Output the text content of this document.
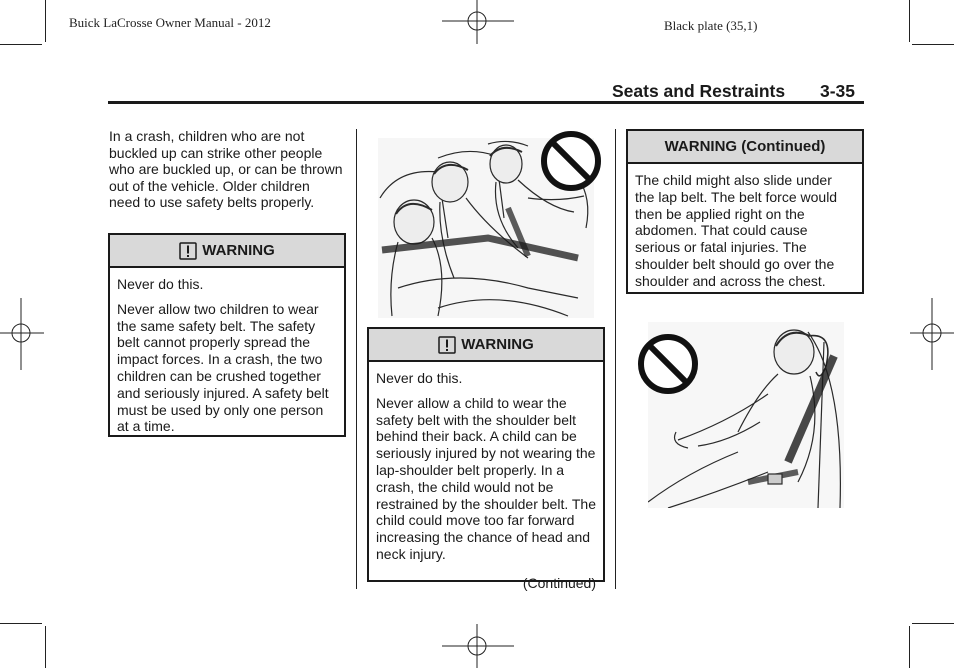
Buick LaCrosse Owner Manual - 2012	Black plate (35,1)
Seats and Restraints 3-35
In a crash, children who are not buckled up can strike other people who are buckled up, or can be thrown out of the vehicle. Older children need to use safety belts properly.
WARNING

Never do this.

Never allow two children to wear the same safety belt. The safety belt cannot properly spread the impact forces. In a crash, the two children can be crushed together and seriously injured. A safety belt must be used by only one person at a time.

WARNING

Never do this.

Never allow a child to wear the safety belt with the shoulder belt behind their back. A child can be seriously injured by not wearing the lap-shoulder belt properly. In a crash, the child would not be restrained by the shoulder belt. The child could move too far forward increasing the chance of head and neck injury.

(Continued)
WARNING (Continued)

The child might also slide under the lap belt. The belt force would then be applied right on the abdomen. That could cause serious or fatal injuries. The shoulder belt should go over the shoulder and across the chest.
